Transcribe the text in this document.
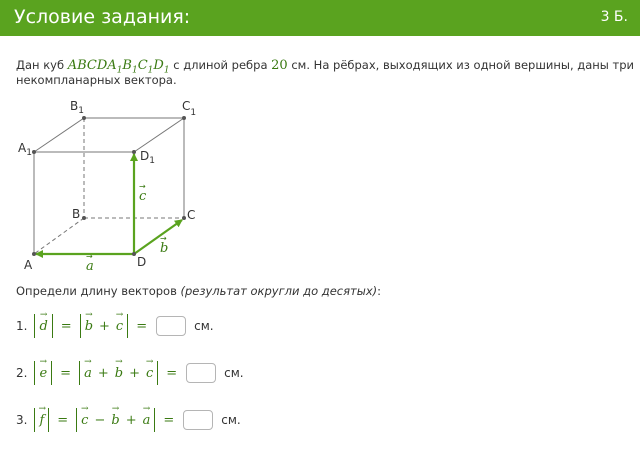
Условие задания:	3 Б.
Дан куб $ABCDA_1B_1C_1D_1$ с длиной ребра 20 см. На рёбрах, выходящих из одной вершины, даны три
некомпланарных вектора.
A	D
B	C
$A_1$	$D_1$
$B_1$	$C_1$
a
b
c
→
→
→
Определи длину векторов (результат округли до десятых):
1.
→
d =
→
b +
→
c =	см.
2.
→
e =
→
a +
→
b +
→
c =	см.
3.
→
f =
→
c −
→
b +
→
a =	см.
